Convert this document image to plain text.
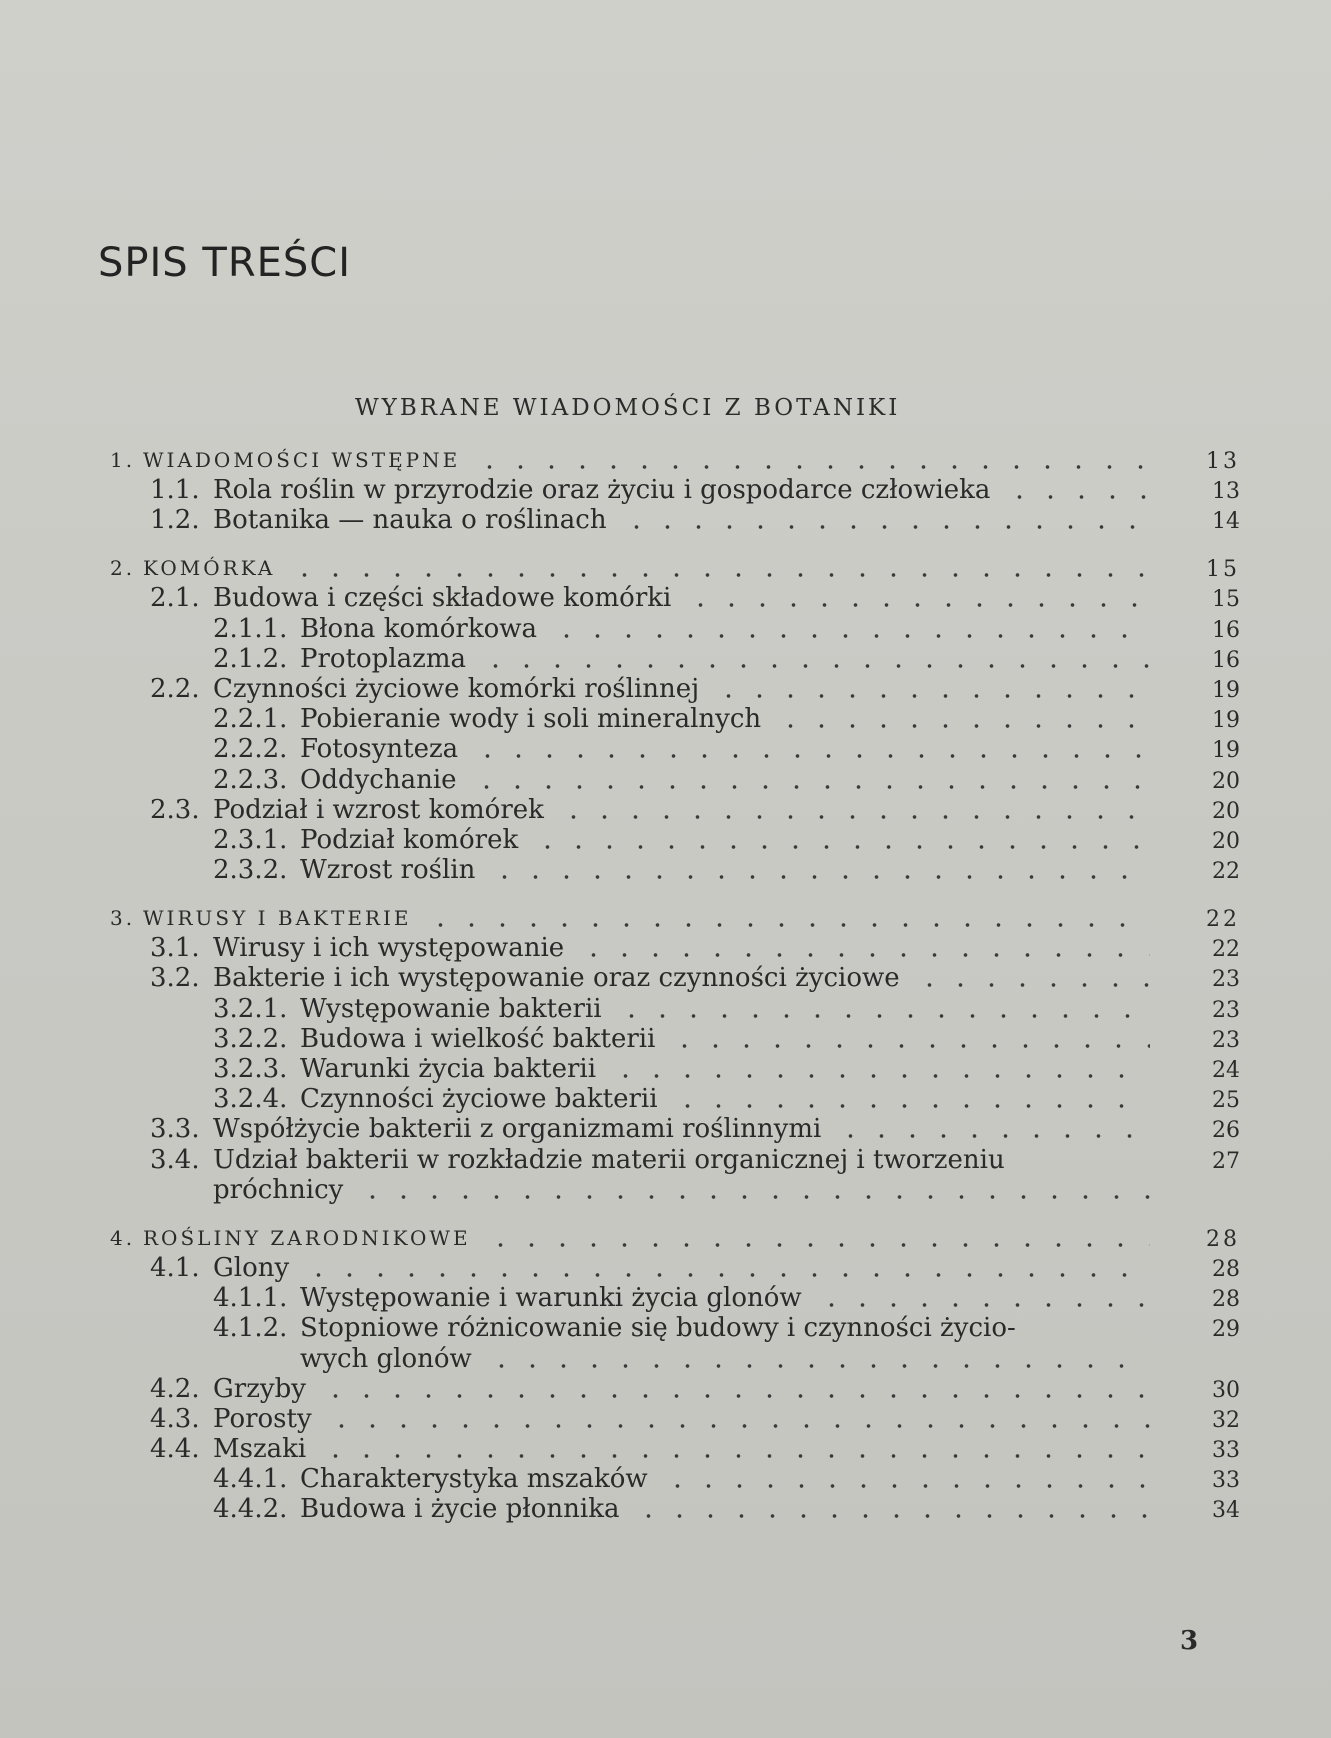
SPIS TREŚCI
WYBRANE WIADOMOŚCI Z BOTANIKI
1. WIADOMOŚCI WSTĘPNE	13
1.1. Rola roślin w przyrodzie oraz życiu i gospodarce człowieka	13
1.2. Botanika — nauka o roślinach	14
2. KOMÓRKA	15
2.1. Budowa i części składowe komórki	15
2.1.1. Błona komórkowa	16
2.1.2. Protoplazma	16
2.2. Czynności życiowe komórki roślinnej	19
2.2.1. Pobieranie wody i soli mineralnych	19
2.2.2. Fotosynteza	19
2.2.3. Oddychanie	20
2.3. Podział i wzrost komórek	20
2.3.1. Podział komórek	20
2.3.2. Wzrost roślin	22
3. WIRUSY I BAKTERIE	22
3.1. Wirusy i ich występowanie	22
3.2. Bakterie i ich występowanie oraz czynności życiowe	23
3.2.1. Występowanie bakterii	23
3.2.2. Budowa i wielkość bakterii	23
3.2.3. Warunki życia bakterii	24
3.2.4. Czynności życiowe bakterii	25
3.3. Współżycie bakterii z organizmami roślinnymi	26
3.4. Udział bakterii w rozkładzie materii organicznej i tworzeniu	27
próchnicy
4. ROŚLINY ZARODNIKOWE	28
4.1. Glony	28
4.1.1. Występowanie i warunki życia glonów	28
4.1.2. Stopniowe różnicowanie się budowy i czynności życio-	29
wych glonów
4.2. Grzyby	30
4.3. Porosty	32
4.4. Mszaki	33
4.4.1. Charakterystyka mszaków	33
4.4.2. Budowa i życie płonnika	34
3
